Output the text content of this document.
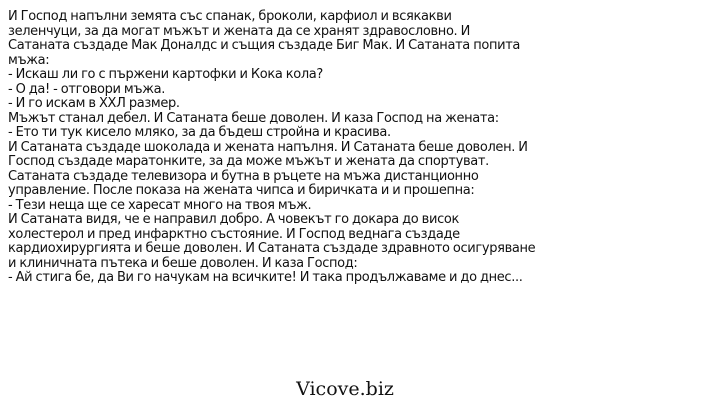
И Господ напълни земята със спанак, броколи, карфиол и всякакви
зеленчуци, за да могат мъжът и жената да се хранят здравословно. И
Сатаната създаде Мак Доналдс и същия създаде Биг Мак. И Сатаната попита
мъжа:
- Искаш ли го с пържени картофки и Кока кола?
- О да! - отговори мъжа.
- И го искам в ХХЛ размер.
Мъжът станал дебел. И Сатаната беше доволен. И каза Господ на жената:
- Ето ти тук кисело мляко, за да бъдеш стройна и красива.
И Сатаната създаде шоколада и жената напълня. И Сатаната беше доволен. И
Господ създаде маратонките, за да може мъжът и жената да спортуват.
Сатаната създаде телевизора и бутна в ръцете на мъжа дистанционно
управление. После показа на жената чипса и биричката и и прошепна:
- Тези неща ще се харесат много на твоя мъж.
И Сатаната видя, че е направил добро. А човекът го докара до висок
холестерол и пред инфарктно състояние. И Господ веднага създаде
кардиохирургията и беше доволен. И Сатаната създаде здравното осигуряване
и клиничната пътека и беше доволен. И каза Господ:
- Ай стига бе, да Ви го начукам на всичките! И така продължаваме и до днес...
Vicove.biz
